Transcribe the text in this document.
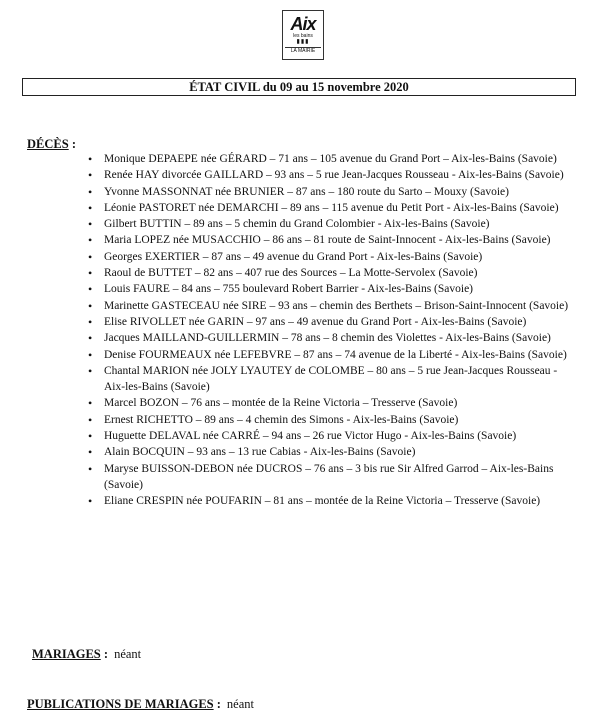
Aix
les bains
▮▮▮
LA MAIRIE
ÉTAT CIVIL du 09 au 15 novembre 2020
DÉCÈS :
• Monique DEPAEPE née GÉRARD – 71 ans – 105 avenue du Grand Port – Aix-les-Bains (Savoie)
• Renée HAY divorcée GAILLARD – 93 ans – 5 rue Jean-Jacques Rousseau - Aix-les-Bains (Savoie)
• Yvonne MASSONNAT née BRUNIER – 87 ans – 180 route du Sarto – Mouxy (Savoie)
• Léonie PASTORET née DEMARCHI – 89 ans – 115 avenue du Petit Port - Aix-les-Bains (Savoie)
• Gilbert BUTTIN – 89 ans – 5 chemin du Grand Colombier - Aix-les-Bains (Savoie)
• Maria LOPEZ née MUSACCHIO – 86 ans – 81 route de Saint-Innocent - Aix-les-Bains (Savoie)
• Georges EXERTIER – 87 ans – 49 avenue du Grand Port - Aix-les-Bains (Savoie)
• Raoul de BUTTET – 82 ans – 407 rue des Sources – La Motte-Servolex (Savoie)
• Louis FAURE – 84 ans – 755 boulevard Robert Barrier - Aix-les-Bains (Savoie)
• Marinette GASTECEAU née SIRE – 93 ans – chemin des Berthets – Brison-Saint-Innocent (Savoie)
• Elise RIVOLLET née GARIN – 97 ans – 49 avenue du Grand Port - Aix-les-Bains (Savoie)
• Jacques MAILLAND-GUILLERMIN – 78 ans – 8 chemin des Violettes - Aix-les-Bains (Savoie)
• Denise FOURMEAUX née LEFEBVRE – 87 ans – 74 avenue de la Liberté - Aix-les-Bains (Savoie)
• Chantal MARION née JOLY LYAUTEY de COLOMBE – 80 ans – 5 rue Jean-Jacques Rousseau - Aix-les-Bains (Savoie)
• Marcel BOZON – 76 ans – montée de la Reine Victoria – Tresserve (Savoie)
• Ernest RICHETTO – 89 ans – 4 chemin des Simons - Aix-les-Bains (Savoie)
• Huguette DELAVAL née CARRÉ – 94 ans – 26 rue Victor Hugo - Aix-les-Bains (Savoie)
• Alain BOCQUIN – 93 ans – 13 rue Cabias - Aix-les-Bains (Savoie)
• Maryse BUISSON-DEBON née DUCROS – 76 ans – 3 bis rue Sir Alfred Garrod – Aix-les-Bains (Savoie)
• Eliane CRESPIN née POUFARIN – 81 ans – montée de la Reine Victoria – Tresserve (Savoie)
MARIAGES : néant
PUBLICATIONS DE MARIAGES : néant
